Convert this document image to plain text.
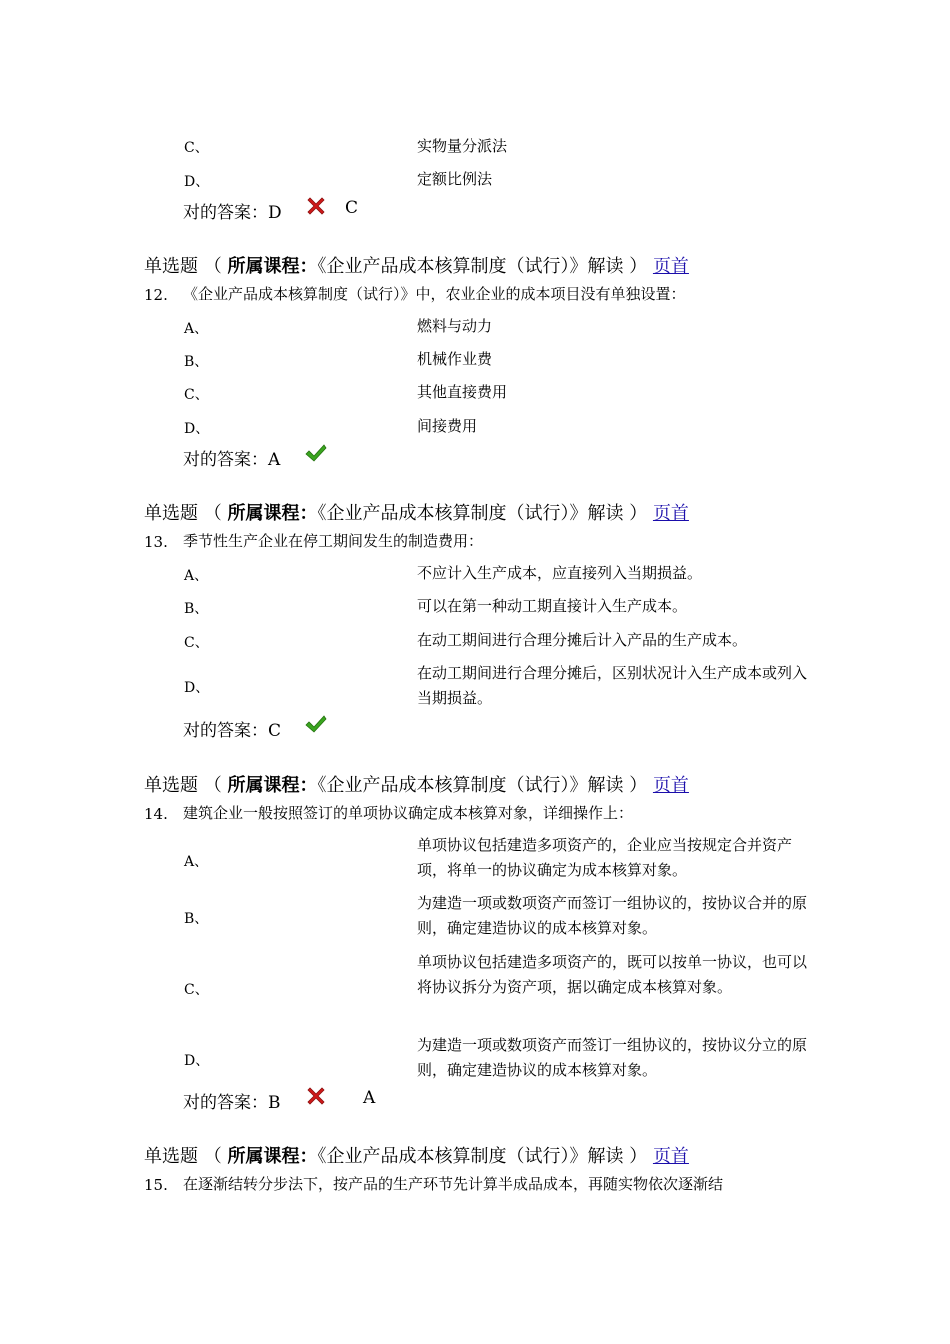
C、	实物量分派法
D、	定额比例法
对的答案：D	C
单选题 （ 所属课程：《企业产品成本核算制度（试行）》解读 ） 页首
12. 《企业产品成本核算制度（试行）》中，农业企业的成本项目没有单独设置：
A、	燃料与动力
B、	机械作业费
C、	其他直接费用
D、	间接费用
对的答案：A
单选题 （ 所属课程：《企业产品成本核算制度（试行）》解读 ） 页首
13. 季节性生产企业在停工期间发生的制造费用：
A、	不应计入生产成本，应直接列入当期损益。
B、	可以在第一种动工期直接计入生产成本。
C、	在动工期间进行合理分摊后计入产品的生产成本。
D、
在动工期间进行合理分摊后，区别状况计入生产成本或列入当期损益。
对的答案：C
单选题 （ 所属课程：《企业产品成本核算制度（试行）》解读 ） 页首
14. 建筑企业一般按照签订的单项协议确定成本核算对象，详细操作上：
A、
单项协议包括建造多项资产的，企业应当按规定合并资产项，将单一的协议确定为成本核算对象。
B、
为建造一项或数项资产而签订一组协议的，按协议合并的原则，确定建造协议的成本核算对象。
C、
单项协议包括建造多项资产的，既可以按单一协议，也可以将协议拆分为资产项，据以确定成本核算对象。
D、
为建造一项或数项资产而签订一组协议的，按协议分立的原则，确定建造协议的成本核算对象。
对的答案：B	A
单选题 （ 所属课程：《企业产品成本核算制度（试行）》解读 ） 页首
15. 在逐渐结转分步法下，按产品的生产环节先计算半成品成本，再随实物依次逐渐结
